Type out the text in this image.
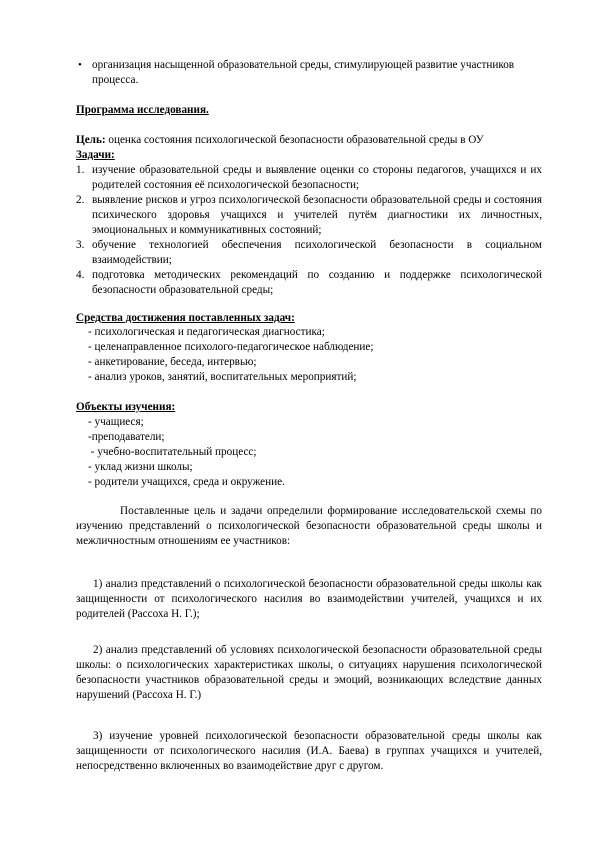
• организация насыщенной образовательной среды, стимулирующей развитие участников
процесса.
Программа исследования.
Цель: оценка состояния психологической безопасности образовательной среды в ОУ
Задачи:
1. изучение образовательной среды и выявление оценки со стороны педагогов, учащихся и их родителей состояния её психологической безопасности;
2. выявление рисков и угроз психологической безопасности образовательной среды и состояния психического здоровья учащихся и учителей путём диагностики их личностных, эмоциональных и коммуникативных состояний;
3. обучение технологией обеспечения психологической безопасности в социальном взаимодействии;
4. подготовка методических рекомендаций по созданию и поддержке психологической безопасности образовательной среды;
Средства достижения поставленных задач:
- психологическая и педагогическая диагностика;
- целенаправленное психолого-педагогическое наблюдение;
- анкетирование, беседа, интервью;
- анализ уроков, занятий, воспитательных мероприятий;
Объекты изучения:
- учащиеся;
-преподаватели;
- учебно-воспитательный процесс;
- уклад жизни школы;
- родители учащихся, среда и окружение.
Поставленные цель и задачи определили формирование исследовательской схемы по изучению представлений о психологической безопасности образовательной среды школы и межличностным отношениям ее участников:
1) анализ представлений о психологической безопасности образовательной среды школы как защищенности от психологического насилия во взаимодействии учителей, учащихся и их родителей (Рассоха Н. Г.);
2) анализ представлений об условиях психологической безопасности образовательной среды школы: о психологических характеристиках школы, о ситуациях нарушения психологической безопасности участников образовательной среды и эмоций, возникающих вследствие данных нарушений (Рассоха Н. Г.)
3) изучение уровней психологической безопасности образовательной среды школы как защищенности от психологического насилия (И.А. Баева) в группах учащихся и учителей, непосредственно включенных во взаимодействие друг с другом.
